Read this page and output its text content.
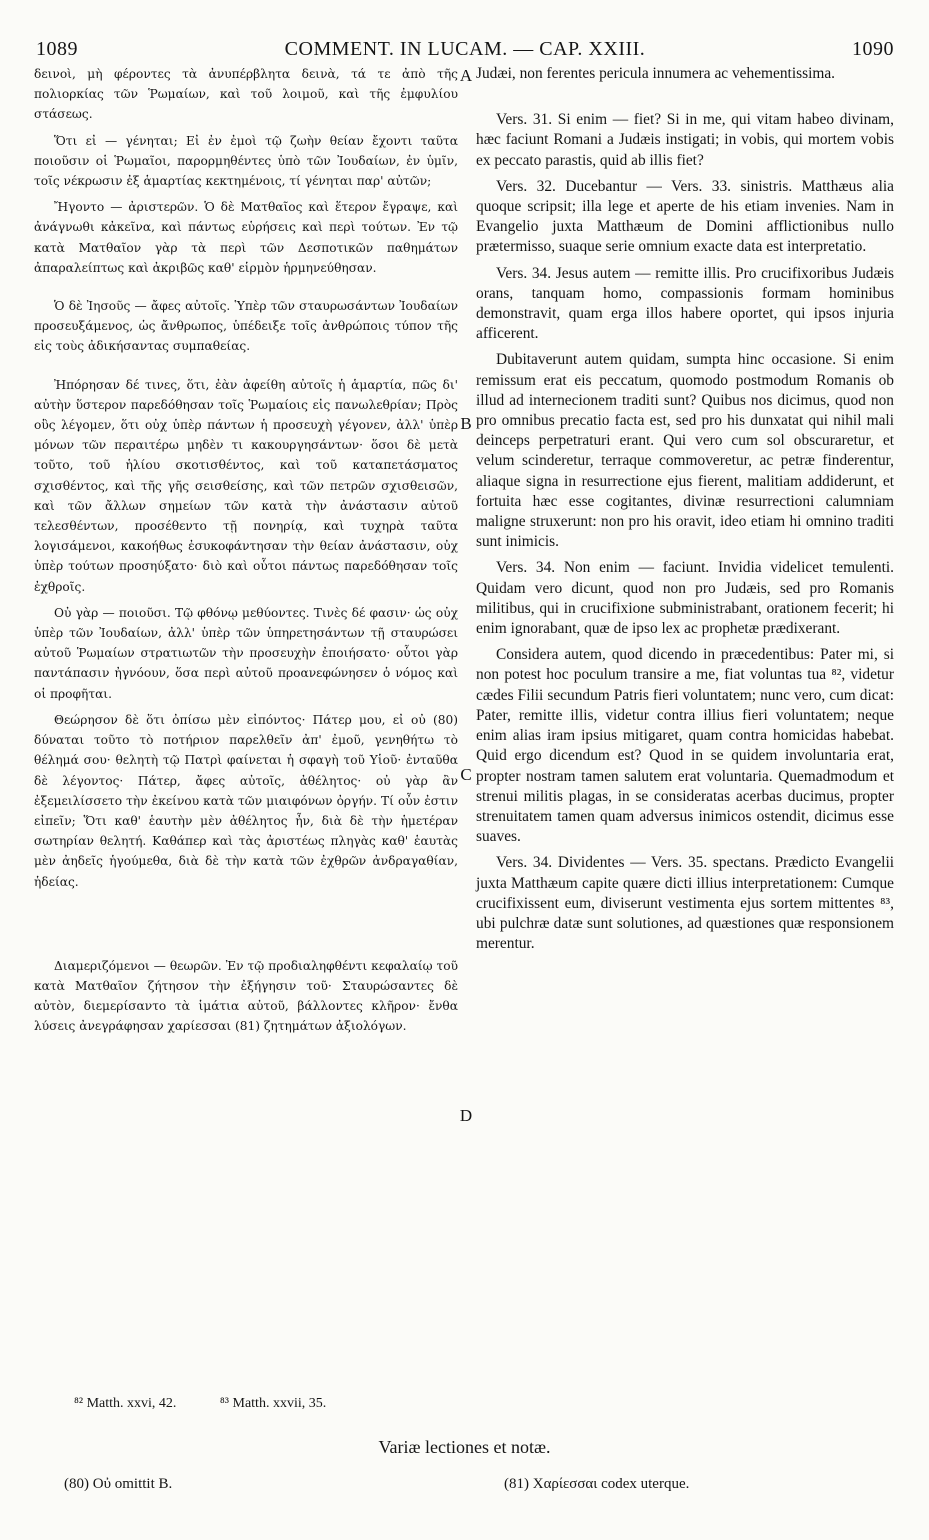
1089	COMMENT. IN LUCAM. — CAP. XXIII.	1090

δεινοὶ, μὴ φέροντες τὰ ἀνυπέρβλητα δεινὰ, τά τε ἀπὸ τῆς πολιορκίας τῶν Ῥωμαίων, καὶ τοῦ λοιμοῦ, καὶ τῆς ἐμφυλίου στάσεως.

Ὅτι εἰ — γένηται; Εἰ ἐν ἐμοὶ τῷ ζωὴν θείαν ἔχοντι ταῦτα ποιοῦσιν οἱ Ῥωμαῖοι, παρορμηθέντες ὑπὸ τῶν Ἰουδαίων, ἐν ὑμῖν, τοῖς νέκρωσιν ἐξ ἁμαρτίας κεκτημένοις, τί γένηται παρ' αὐτῶν;

Ἤγοντο — ἀριστερῶν. Ὁ δὲ Ματθαῖος καὶ ἕτερον ἔγραψε, καὶ ἀνάγνωθι κἀκεῖνα, καὶ πάντως εὑρήσεις καὶ περὶ τούτων. Ἐν τῷ κατὰ Ματθαῖον γὰρ τὰ περὶ τῶν Δεσποτικῶν παθημάτων ἀπαραλείπτως καὶ ἀκριβῶς καθ' εἱρμὸν ἡρμηνεύθησαν.

Ὁ δὲ Ἰησοῦς — ἄφες αὐτοῖς. Ὑπὲρ τῶν σταυρωσάντων Ἰουδαίων προσευξάμενος, ὡς ἄνθρωπος, ὑπέδειξε τοῖς ἀνθρώποις τύπον τῆς εἰς τοὺς ἀδικήσαντας συμπαθείας.

Ἠπόρησαν δέ τινες, ὅτι, ἐὰν ἀφείθη αὐτοῖς ἡ ἁμαρτία, πῶς δι' αὐτὴν ὕστερον παρεδόθησαν τοῖς Ῥωμαίοις εἰς πανωλεθρίαν; Πρὸς οὓς λέγομεν, ὅτι οὐχ ὑπὲρ πάντων ἡ προσευχὴ γέγονεν, ἀλλ' ὑπὲρ μόνων τῶν περαιτέρω μηδὲν τι κακουργησάντων· ὅσοι δὲ μετὰ τοῦτο, τοῦ ἡλίου σκοτισθέντος, καὶ τοῦ καταπετάσματος σχισθέντος, καὶ τῆς γῆς σεισθείσης, καὶ τῶν πετρῶν σχισθεισῶν, καὶ τῶν ἄλλων σημείων τῶν κατὰ τὴν ἀνάστασιν αὐτοῦ τελεσθέντων, προσέθεντο τῇ πονηρίᾳ, καὶ τυχηρὰ ταῦτα λογισάμενοι, κακοήθως ἐσυκοφάντησαν τὴν θείαν ἀνάστασιν, οὐχ ὑπὲρ τούτων προσηύξατο· διὸ καὶ οὗτοι πάντως παρεδόθησαν τοῖς ἐχθροῖς.

Οὐ γὰρ — ποιοῦσι. Τῷ φθόνῳ μεθύοντες. Τινὲς δέ φασιν· ὡς οὐχ ὑπὲρ τῶν Ἰουδαίων, ἀλλ' ὑπὲρ τῶν ὑπηρετησάντων τῇ σταυρώσει αὐτοῦ Ῥωμαίων στρατιωτῶν τὴν προσευχὴν ἐποιήσατο· οὗτοι γὰρ παντάπασιν ἠγνόουν, ὅσα περὶ αὐτοῦ προανεφώνησεν ὁ νόμος καὶ οἱ προφῆται.

Θεώρησον δὲ ὅτι ὀπίσω μὲν εἰπόντος· Πάτερ μου, εἰ οὐ (80) δύναται τοῦτο τὸ ποτήριον παρελθεῖν ἀπ' ἐμοῦ, γενηθήτω τὸ θέλημά σου· θελητὴ τῷ Πατρὶ φαίνεται ἡ σφαγὴ τοῦ Υἱοῦ· ἐνταῦθα δὲ λέγοντος· Πάτερ, ἄφες αὐτοῖς, ἀθέλητος· οὐ γὰρ ἂν ἐξεμειλίσσετο τὴν ἐκείνου κατὰ τῶν μιαιφόνων ὀργήν. Τί οὖν ἐστιν εἰπεῖν; Ὅτι καθ' ἑαυτὴν μὲν ἀθέλητος ἦν, διὰ δὲ τὴν ἡμετέραν σωτηρίαν θελητή. Καθάπερ καὶ τὰς ἀριστέως πληγὰς καθ' ἑαυτὰς μὲν ἀηδεῖς ἡγούμεθα, διὰ δὲ τὴν κατὰ τῶν ἐχθρῶν ἀνδραγαθίαν, ἡδείας.

Διαμεριζόμενοι — θεωρῶν. Ἐν τῷ προδιαληφθέντι κεφαλαίῳ τοῦ κατὰ Ματθαῖον ζήτησον τὴν ἐξήγησιν τοῦ· Σταυρώσαντες δὲ αὐτὸν, διεμερίσαντο τὰ ἱμάτια αὐτοῦ, βάλλοντες κλῆρον· ἔνθα λύσεις ἀνεγράφησαν χαρίεσσαι (81) ζητημάτων ἀξιολόγων.

A
B
C
D

Judæi, non ferentes pericula innumera ac vehementissima.

Vers. 31. Si enim — fiet? Si in me, qui vitam habeo divinam, hæc faciunt Romani a Judæis instigati; in vobis, qui mortem vobis ex peccato parastis, quid ab illis fiet?

Vers. 32. Ducebantur — Vers. 33. sinistris. Matthæus alia quoque scripsit; illa lege et aperte de his etiam invenies. Nam in Evangelio juxta Matthæum de Domini afflictionibus nullo prætermisso, suaque serie omnium exacte data est interpretatio.

Vers. 34. Jesus autem — remitte illis. Pro crucifixoribus Judæis orans, tanquam homo, compassionis formam hominibus demonstravit, quam erga illos habere oportet, qui ipsos injuria afficerent.

Dubitaverunt autem quidam, sumpta hinc occasione. Si enim remissum erat eis peccatum, quomodo postmodum Romanis ob illud ad internecionem traditi sunt? Quibus nos dicimus, quod non pro omnibus precatio facta est, sed pro his dunxatat qui nihil mali deinceps perpetraturi erant. Qui vero cum sol obscuraretur, et velum scinderetur, terraque commoveretur, ac petræ finderentur, aliaque signa in resurrectione ejus fierent, malitiam addiderunt, et fortuita hæc esse cogitantes, divinæ resurrectioni calumniam maligne struxerunt: non pro his oravit, ideo etiam hi omnino traditi sunt inimicis.

Vers. 34. Non enim — faciunt. Invidia videlicet temulenti. Quidam vero dicunt, quod non pro Judæis, sed pro Romanis militibus, qui in crucifixione subministrabant, orationem fecerit; hi enim ignorabant, quæ de ipso lex ac prophetæ prædixerant.

Considera autem, quod dicendo in præcedentibus: Pater mi, si non potest hoc poculum transire a me, fiat voluntas tua ⁸², videtur cædes Filii secundum Patris fieri voluntatem; nunc vero, cum dicat: Pater, remitte illis, videtur contra illius fieri voluntatem; neque enim alias iram ipsius mitigaret, quam contra homicidas habebat. Quid ergo dicendum est? Quod in se quidem involuntaria erat, propter nostram tamen salutem erat voluntaria. Quemadmodum et strenui militis plagas, in se consideratas acerbas ducimus, propter strenuitatem tamen quam adversus inimicos ostendit, dicimus esse suaves.

Vers. 34. Dividentes — Vers. 35. spectans. Prædicto Evangelii juxta Matthæum capite quære dicti illius interpretationem: Cumque crucifixissent eum, diviserunt vestimenta ejus sortem mittentes ⁸³, ubi pulchræ datæ sunt solutiones, ad quæstiones quæ responsionem merentur.

⁸² Matth. xxvi, 42.	⁸³ Matth. xxvii, 35.
Variæ lectiones et notæ.
(80) Οὐ omittit B.	(81) Χαρίεσσαι codex uterque.
